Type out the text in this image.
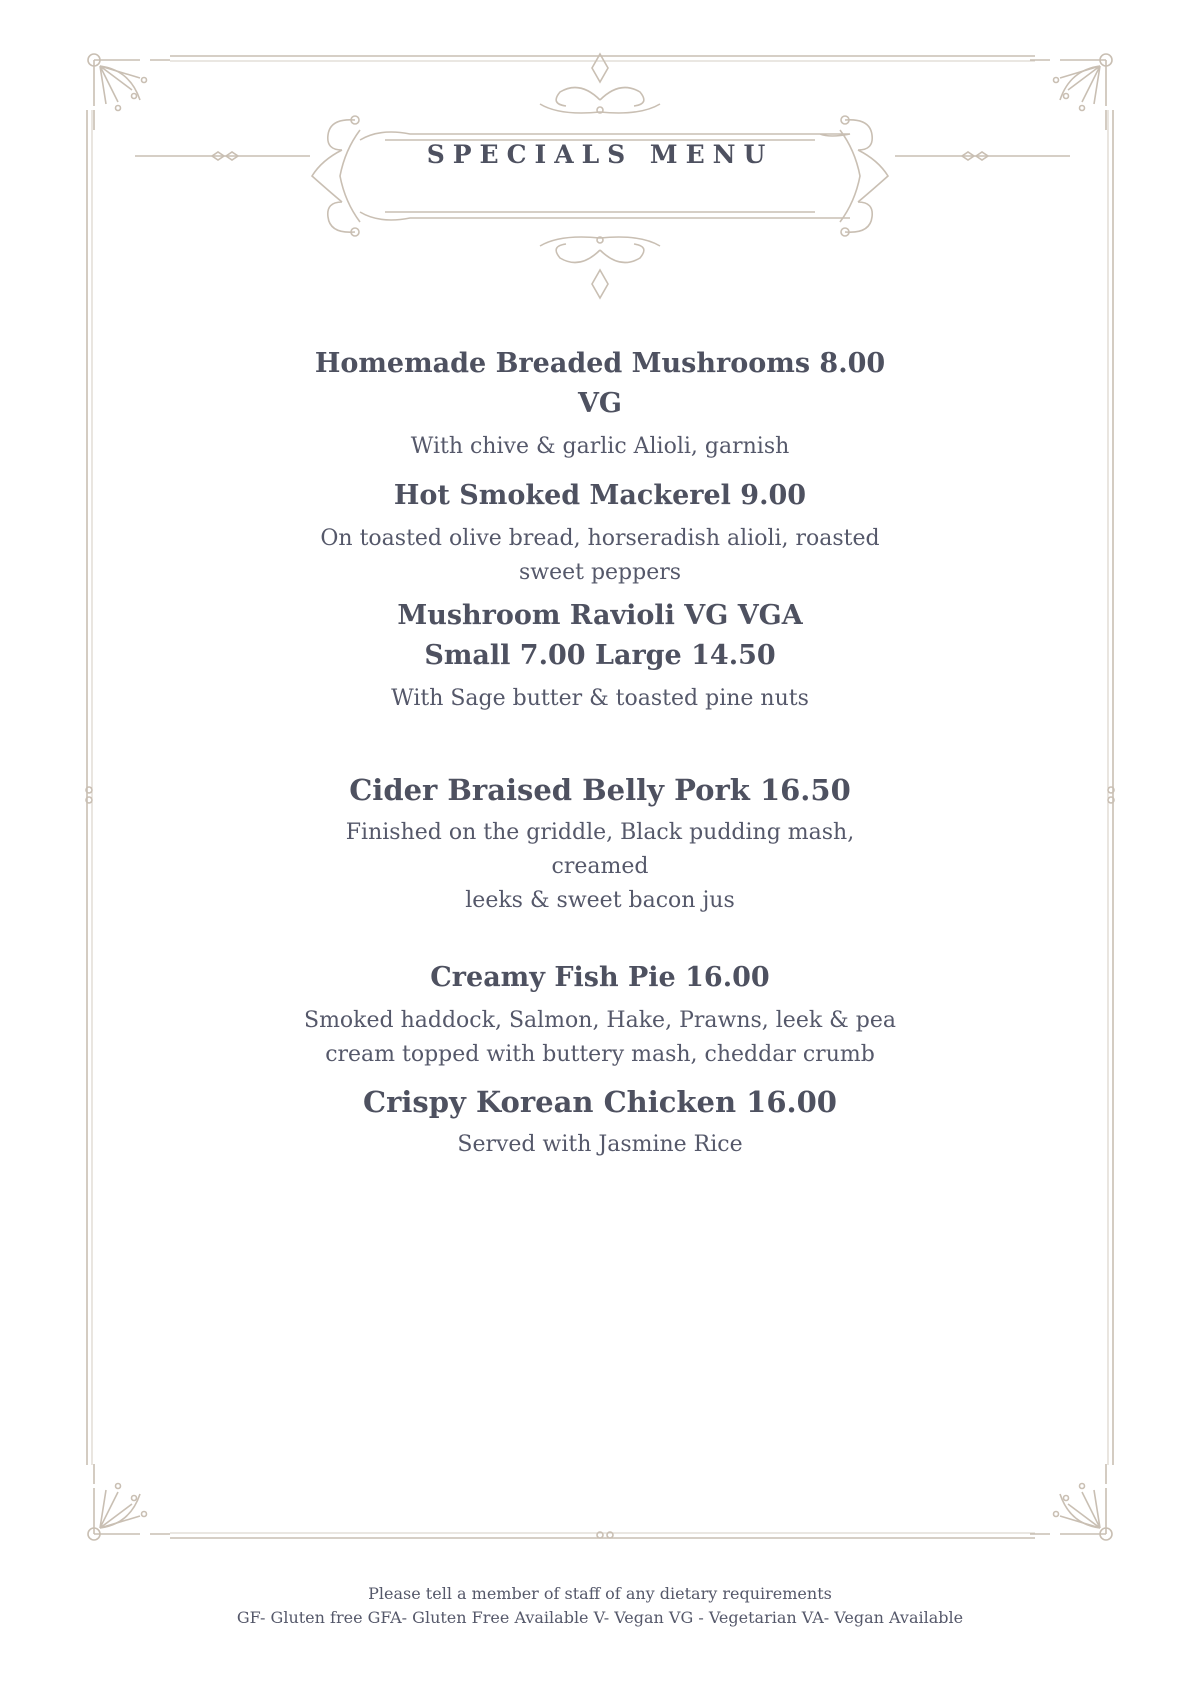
SPECIALS MENU

Homemade Breaded Mushrooms 8.00 VG

With chive & garlic Alioli, garnish

Hot Smoked Mackerel 9.00

On toasted olive bread, horseradish alioli, roasted

sweet peppers

Mushroom Ravioli VG VGA

Small 7.00 Large 14.50

With Sage butter & toasted pine nuts

Cider Braised Belly Pork 16.50

Finished on the griddle, Black pudding mash, creamed

leeks & sweet bacon jus

Creamy Fish Pie 16.00

Smoked haddock, Salmon, Hake, Prawns, leek & pea

cream topped with buttery mash, cheddar crumb

Crispy Korean Chicken 16.00

Served with Jasmine Rice

Please tell a member of staff of any dietary requirements
GF- Gluten free GFA- Gluten Free Available V- Vegan VG - Vegetarian VA- Vegan Available
